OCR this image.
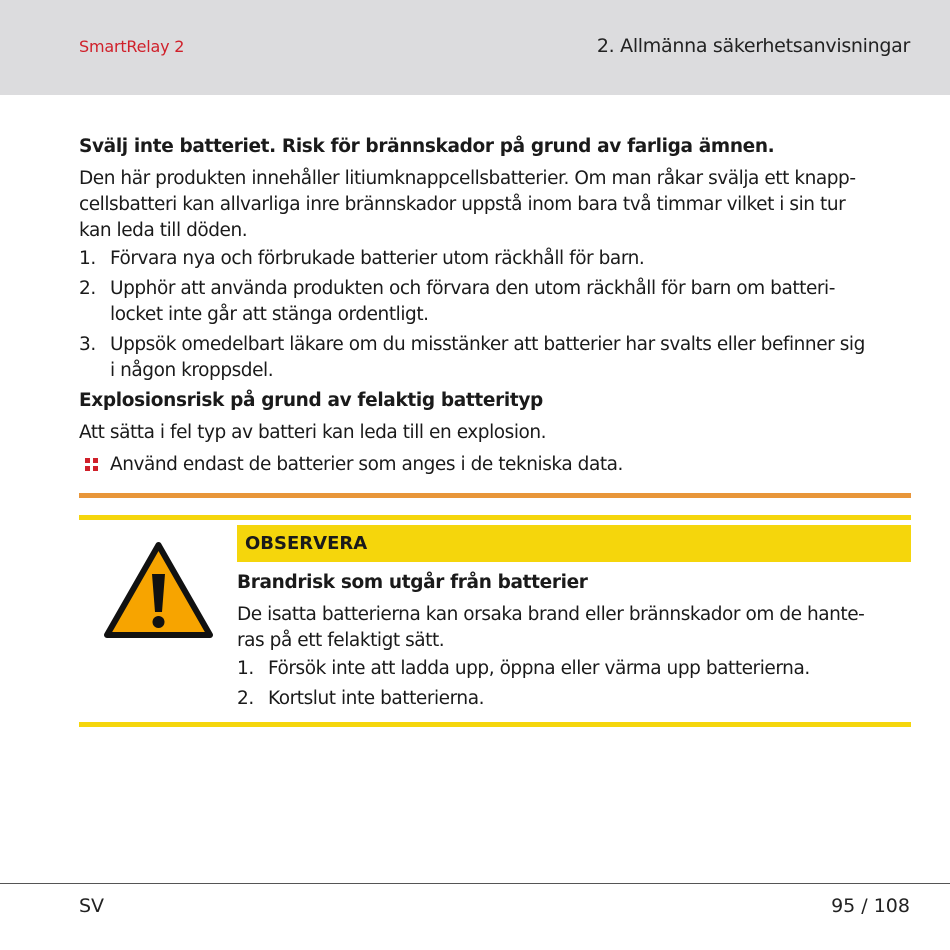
SmartRelay 2	2. Allmänna säkerhetsanvisningar

Svälj inte batteriet. Risk för brännskador på grund av farliga ämnen.

Den här produkten innehåller litiumknappcellsbatterier. Om man råkar svälja ett knapp-
cellsbatteri kan allvarliga inre brännskador uppstå inom bara två timmar vilket i sin tur
kan leda till döden.

1. Förvara nya och förbrukade batterier utom räckhåll för barn.
2. Upphör att använda produkten och förvara den utom räckhåll för barn om batteri-
locket inte går att stänga ordentligt.
3. Uppsök omedelbart läkare om du misstänker att batterier har svalts eller befinner sig
i någon kroppsdel.

Explosionsrisk på grund av felaktig batterityp

Att sätta i fel typ av batteri kan leda till en explosion.

Använd endast de batterier som anges i de tekniska data.
OBSERVERA

Brandrisk som utgår från batterier

De isatta batterierna kan orsaka brand eller brännskador om de hante-
ras på ett felaktigt sätt.

1. Försök inte att ladda upp, öppna eller värma upp batterierna.
2. Kortslut inte batterierna.
SV	95 / 108
